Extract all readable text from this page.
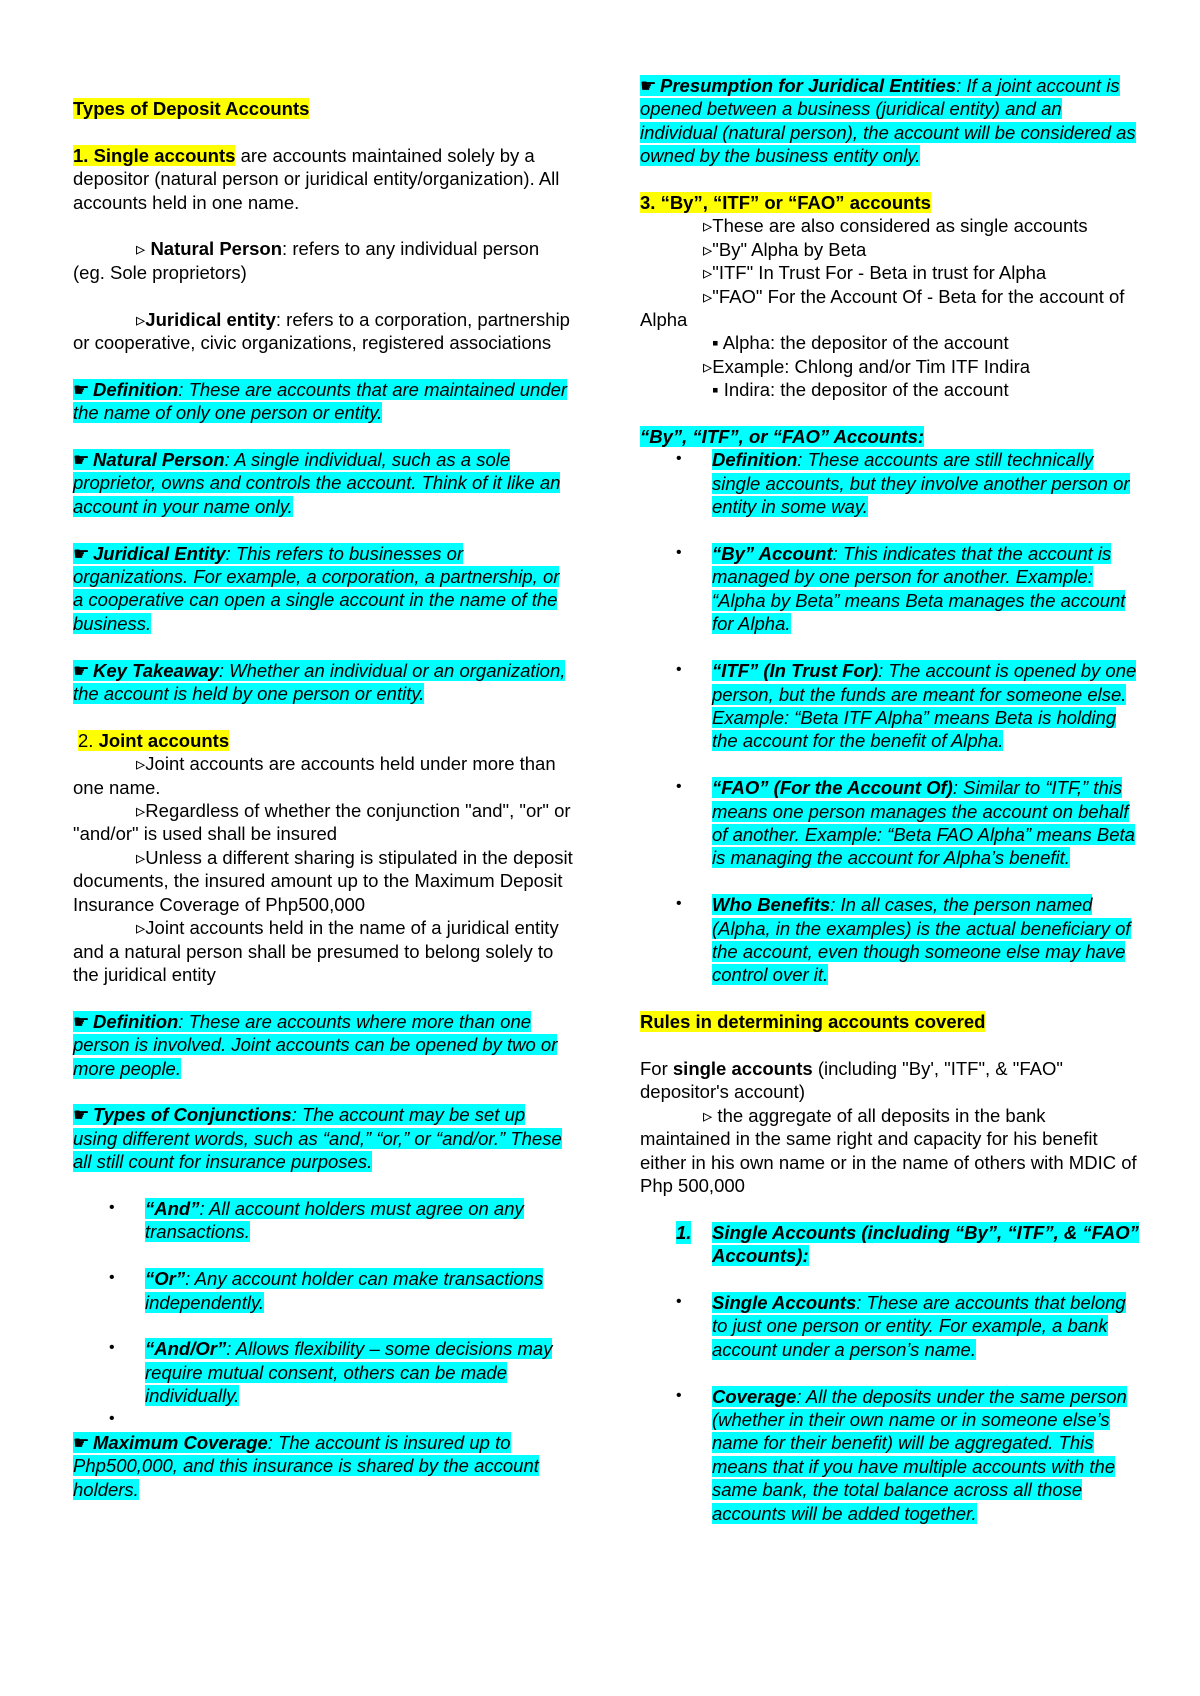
Types of Deposit Accounts

1. Single accounts are accounts maintained solely by a depositor (natural person or juridical entity/organization). All accounts held in one name.

▹ Natural Person: refers to any individual person (eg. Sole proprietors)

▹Juridical entity: refers to a corporation, partnership or cooperative, civic organizations, registered associations

☛ Definition: These are accounts that are maintained under the name of only one person or entity.

☛ Natural Person: A single individual, such as a sole proprietor, owns and controls the account. Think of it like an account in your name only.

☛ Juridical Entity: This refers to businesses or organizations. For example, a corporation, a partnership, or a cooperative can open a single account in the name of the business.

☛ Key Takeaway: Whether an individual or an organization, the account is held by one person or entity.

2. Joint accounts

▹Joint accounts are accounts held under more than one name.

▹Regardless of whether the conjunction "and", "or" or "and/or" is used shall be insured

▹Unless a different sharing is stipulated in the deposit documents, the insured amount up to the Maximum Deposit Insurance Coverage of Php500,000

▹Joint accounts held in the name of a juridical entity and a natural person shall be presumed to belong solely to the juridical entity

☛ Definition: These are accounts where more than one person is involved. Joint accounts can be opened by two or more people.

☛ Types of Conjunctions: The account may be set up using different words, such as “and,” “or,” or “and/or.” These all still count for insurance purposes.

• “And”: All account holders must agree on any transactions.

• “Or”: Any account holder can make transactions independently.

• “And/Or”: Allows flexibility – some decisions may require mutual consent, others can be made individually.

•

☛ Maximum Coverage: The account is insured up to Php500,000, and this insurance is shared by the account holders.

☛ Presumption for Juridical Entities: If a joint account is opened between a business (juridical entity) and an individual (natural person), the account will be considered as owned by the business entity only.

3. “By”, “ITF” or “FAO” accounts

▹These are also considered as single accounts

▹"By" Alpha by Beta

▹"ITF" In Trust For - Beta in trust for Alpha

▹"FAO" For the Account Of - Beta for the account of Alpha

▪ Alpha: the depositor of the account

▹Example: Chlong and/or Tim ITF Indira

▪ Indira: the depositor of the account

“By”, “ITF”, or “FAO” Accounts:

• Definition: These accounts are still technically single accounts, but they involve another person or entity in some way.

• “By” Account: This indicates that the account is managed by one person for another. Example: “Alpha by Beta” means Beta manages the account for Alpha.

• “ITF” (In Trust For): The account is opened by one person, but the funds are meant for someone else. Example: “Beta ITF Alpha” means Beta is holding the account for the benefit of Alpha.

• “FAO” (For the Account Of): Similar to “ITF,” this means one person manages the account on behalf of another. Example: “Beta FAO Alpha” means Beta is managing the account for Alpha’s benefit.

• Who Benefits: In all cases, the person named (Alpha, in the examples) is the actual beneficiary of the account, even though someone else may have control over it.

Rules in determining accounts covered

For single accounts (including "By', "ITF", & "FAO" depositor's account)

▹ the aggregate of all deposits in the bank maintained in the same right and capacity for his benefit either in his own name or in the name of others with MDIC of Php 500,000

1. Single Accounts (including “By”, “ITF”, & “FAO” Accounts):

• Single Accounts: These are accounts that belong to just one person or entity. For example, a bank account under a person’s name.

• Coverage: All the deposits under the same person (whether in their own name or in someone else’s name for their benefit) will be aggregated. This means that if you have multiple accounts with the same bank, the total balance across all those accounts will be added together.
